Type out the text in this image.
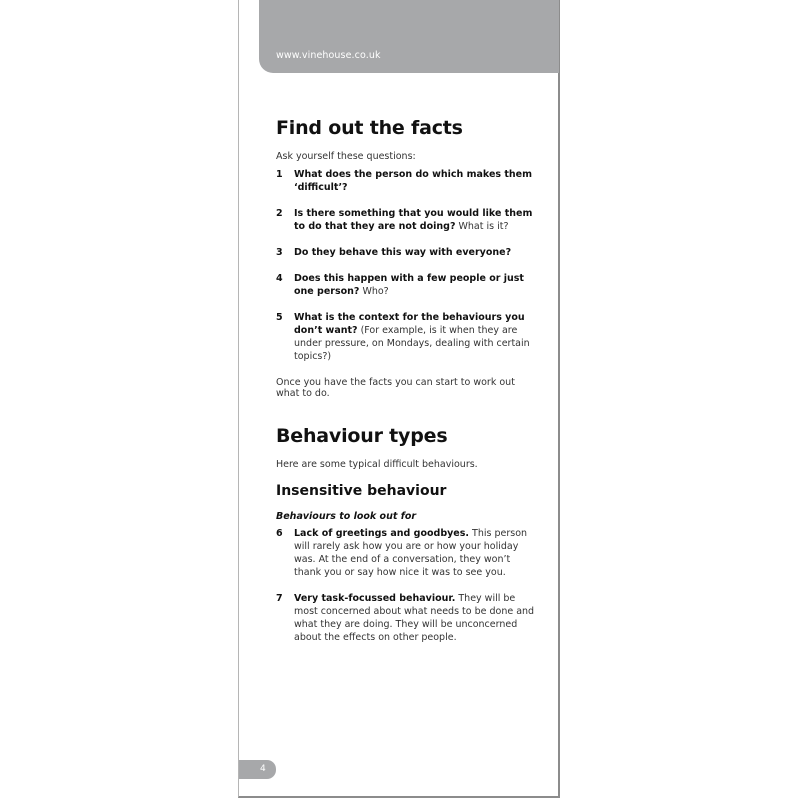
www.vinehouse.co.uk
Find out the facts

Ask yourself these questions:

1 What does the person do which makes them ‘difficult’?
2 Is there something that you would like them to do that they are not doing? What is it?
3 Do they behave this way with everyone?
4 Does this happen with a few people or just one person? Who?
5 What is the context for the behaviours you don’t want? (For example, is it when they are under pressure, on Mondays, dealing with certain topics?)

Once you have the facts you can start to work out what to do.

Behaviour types

Here are some typical difficult behaviours.

Insensitive behaviour

Behaviours to look out for

6 Lack of greetings and goodbyes. This person will rarely ask how you are or how your holiday was. At the end of a conversation, they won’t thank you or say how nice it was to see you.
7 Very task-focussed behaviour. They will be most concerned about what needs to be done and what they are doing. They will be unconcerned about the effects on other people.
4
